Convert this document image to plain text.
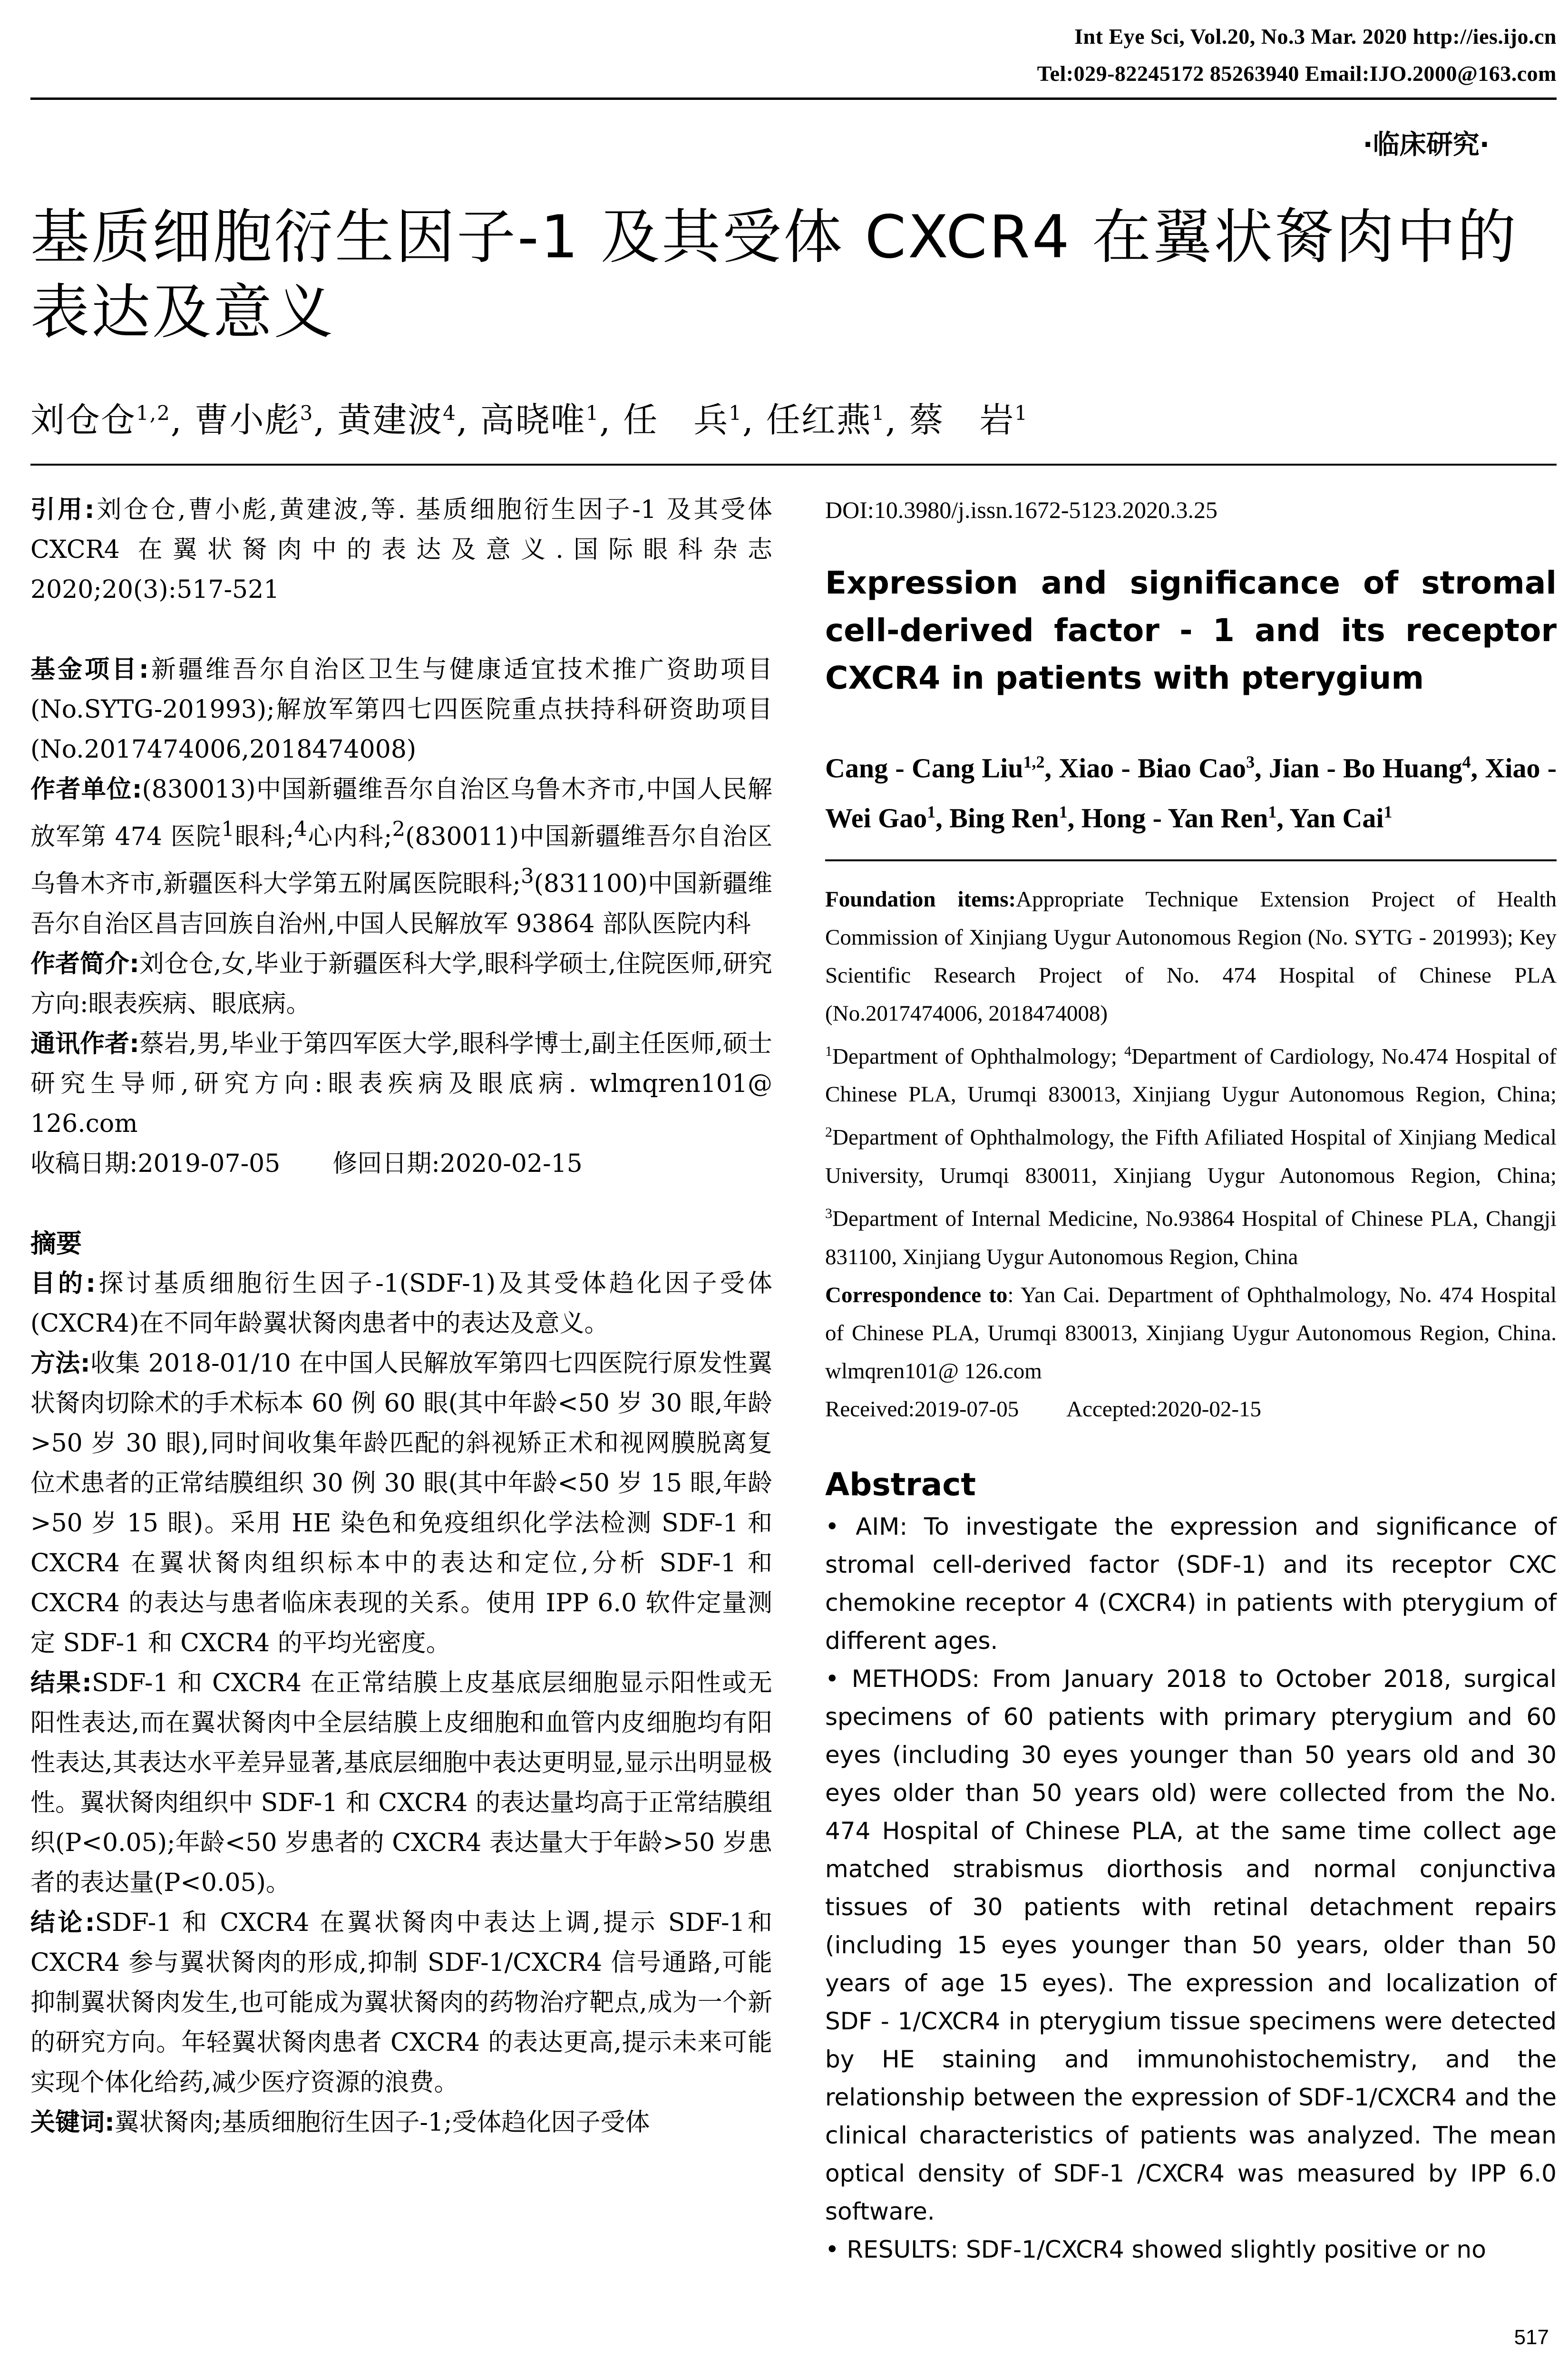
Int Eye Sci, Vol.20, No.3 Mar. 2020 http://ies.ijo.cn
Tel:029-82245172 85263940 Email:IJO.2000@163.com
·临床研究·
基质细胞衍生因子-1 及其受体 CXCR4 在翼状胬肉中的
表达及意义
刘仓仓$^{1,2}$, 曹小彪$^3$, 黄建波$^4$, 高晓唯$^1$, 任　兵$^1$, 任红燕$^1$, 蔡　岩$^1$

引用:刘仓仓,曹小彪,黄建波,等. 基质细胞衍生因子-1 及其受体 CXCR4 在翼状胬肉中的表达及意义.国际眼科杂志 2020;20(3):517-521

基金项目:新疆维吾尔自治区卫生与健康适宜技术推广资助项目(No.SYTG-201993);解放军第四七四医院重点扶持科研资助项目(No.2017474006,2018474008)

作者单位:(830013)中国新疆维吾尔自治区乌鲁木齐市,中国人民解放军第 474 医院$^1$眼科;$^4$心内科;$^2$(830011)中国新疆维吾尔自治区乌鲁木齐市,新疆医科大学第五附属医院眼科;$^3$(831100)中国新疆维吾尔自治区昌吉回族自治州,中国人民解放军 93864 部队医院内科

作者简介:刘仓仓,女,毕业于新疆医科大学,眼科学硕士,住院医师,研究方向:眼表疾病、眼底病。

通讯作者:蔡岩,男,毕业于第四军医大学,眼科学博士,副主任医师,硕士研究生导师,研究方向:眼表疾病及眼底病. wlmqren101@ 126.com

收稿日期:2019-07-05 修回日期:2020-02-15

摘要

目的:探讨基质细胞衍生因子-1(SDF-1)及其受体趋化因子受体(CXCR4)在不同年龄翼状胬肉患者中的表达及意义。

方法:收集 2018-01/10 在中国人民解放军第四七四医院行原发性翼状胬肉切除术的手术标本 60 例 60 眼(其中年龄<50 岁 30 眼,年龄>50 岁 30 眼),同时间收集年龄匹配的斜视矫正术和视网膜脱离复位术患者的正常结膜组织 30 例 30 眼(其中年龄<50 岁 15 眼,年龄>50 岁 15 眼)。采用 HE 染色和免疫组织化学法检测 SDF-1 和 CXCR4 在翼状胬肉组织标本中的表达和定位,分析 SDF-1 和 CXCR4 的表达与患者临床表现的关系。使用 IPP 6.0 软件定量测定 SDF-1 和 CXCR4 的平均光密度。

结果:SDF-1 和 CXCR4 在正常结膜上皮基底层细胞显示阳性或无阳性表达,而在翼状胬肉中全层结膜上皮细胞和血管内皮细胞均有阳性表达,其表达水平差异显著,基底层细胞中表达更明显,显示出明显极性。翼状胬肉组织中 SDF-1 和 CXCR4 的表达量均高于正常结膜组织(P<0.05);年龄<50 岁患者的 CXCR4 表达量大于年龄>50 岁患者的表达量(P<0.05)。

结论:SDF-1 和 CXCR4 在翼状胬肉中表达上调,提示 SDF-1和 CXCR4 参与翼状胬肉的形成,抑制 SDF-1/CXCR4 信号通路,可能抑制翼状胬肉发生,也可能成为翼状胬肉的药物治疗靶点,成为一个新的研究方向。年轻翼状胬肉患者 CXCR4 的表达更高,提示未来可能实现个体化给药,减少医疗资源的浪费。

关键词:翼状胬肉;基质细胞衍生因子-1;受体趋化因子受体

DOI:10.3980/j.issn.1672-5123.2020.3.25
Expression and significance of stromal cell-derived factor - 1 and its receptor CXCR4 in patients with pterygium
Cang - Cang Liu$^{1,2}$, Xiao - Biao Cao$^3$, Jian - Bo Huang$^4$, Xiao - Wei Gao$^1$, Bing Ren$^1$, Hong - Yan Ren$^1$, Yan Cai$^1$

Foundation items:Appropriate Technique Extension Project of Health Commission of Xinjiang Uygur Autonomous Region (No. SYTG - 201993); Key Scientific Research Project of No. 474 Hospital of Chinese PLA (No.2017474006, 2018474008)

$^1$Department of Ophthalmology; $^4$Department of Cardiology, No.474 Hospital of Chinese PLA, Urumqi 830013, Xinjiang Uygur Autonomous Region, China; $^2$Department of Ophthalmology, the Fifth Afiliated Hospital of Xinjiang Medical University, Urumqi 830011, Xinjiang Uygur Autonomous Region, China; $^3$Department of Internal Medicine, No.93864 Hospital of Chinese PLA, Changji 831100, Xinjiang Uygur Autonomous Region, China

Correspondence to: Yan Cai. Department of Ophthalmology, No. 474 Hospital of Chinese PLA, Urumqi 830013, Xinjiang Uygur Autonomous Region, China. wlmqren101@ 126.com

Received:2019-07-05 Accepted:2020-02-15

Abstract

• AIM: To investigate the expression and significance of stromal cell-derived factor (SDF-1) and its receptor CXC chemokine receptor 4 (CXCR4) in patients with pterygium of different ages.

• METHODS: From January 2018 to October 2018, surgical specimens of 60 patients with primary pterygium and 60 eyes (including 30 eyes younger than 50 years old and 30 eyes older than 50 years old) were collected from the No. 474 Hospital of Chinese PLA, at the same time collect age matched strabismus diorthosis and normal conjunctiva tissues of 30 patients with retinal detachment repairs (including 15 eyes younger than 50 years, older than 50 years of age 15 eyes). The expression and localization of SDF - 1/CXCR4 in pterygium tissue specimens were detected by HE staining and immunohistochemistry, and the relationship between the expression of SDF-1/CXCR4 and the clinical characteristics of patients was analyzed. The mean optical density of SDF-1 /CXCR4 was measured by IPP 6.0 software.

• RESULTS: SDF-1/CXCR4 showed slightly positive or no

517
